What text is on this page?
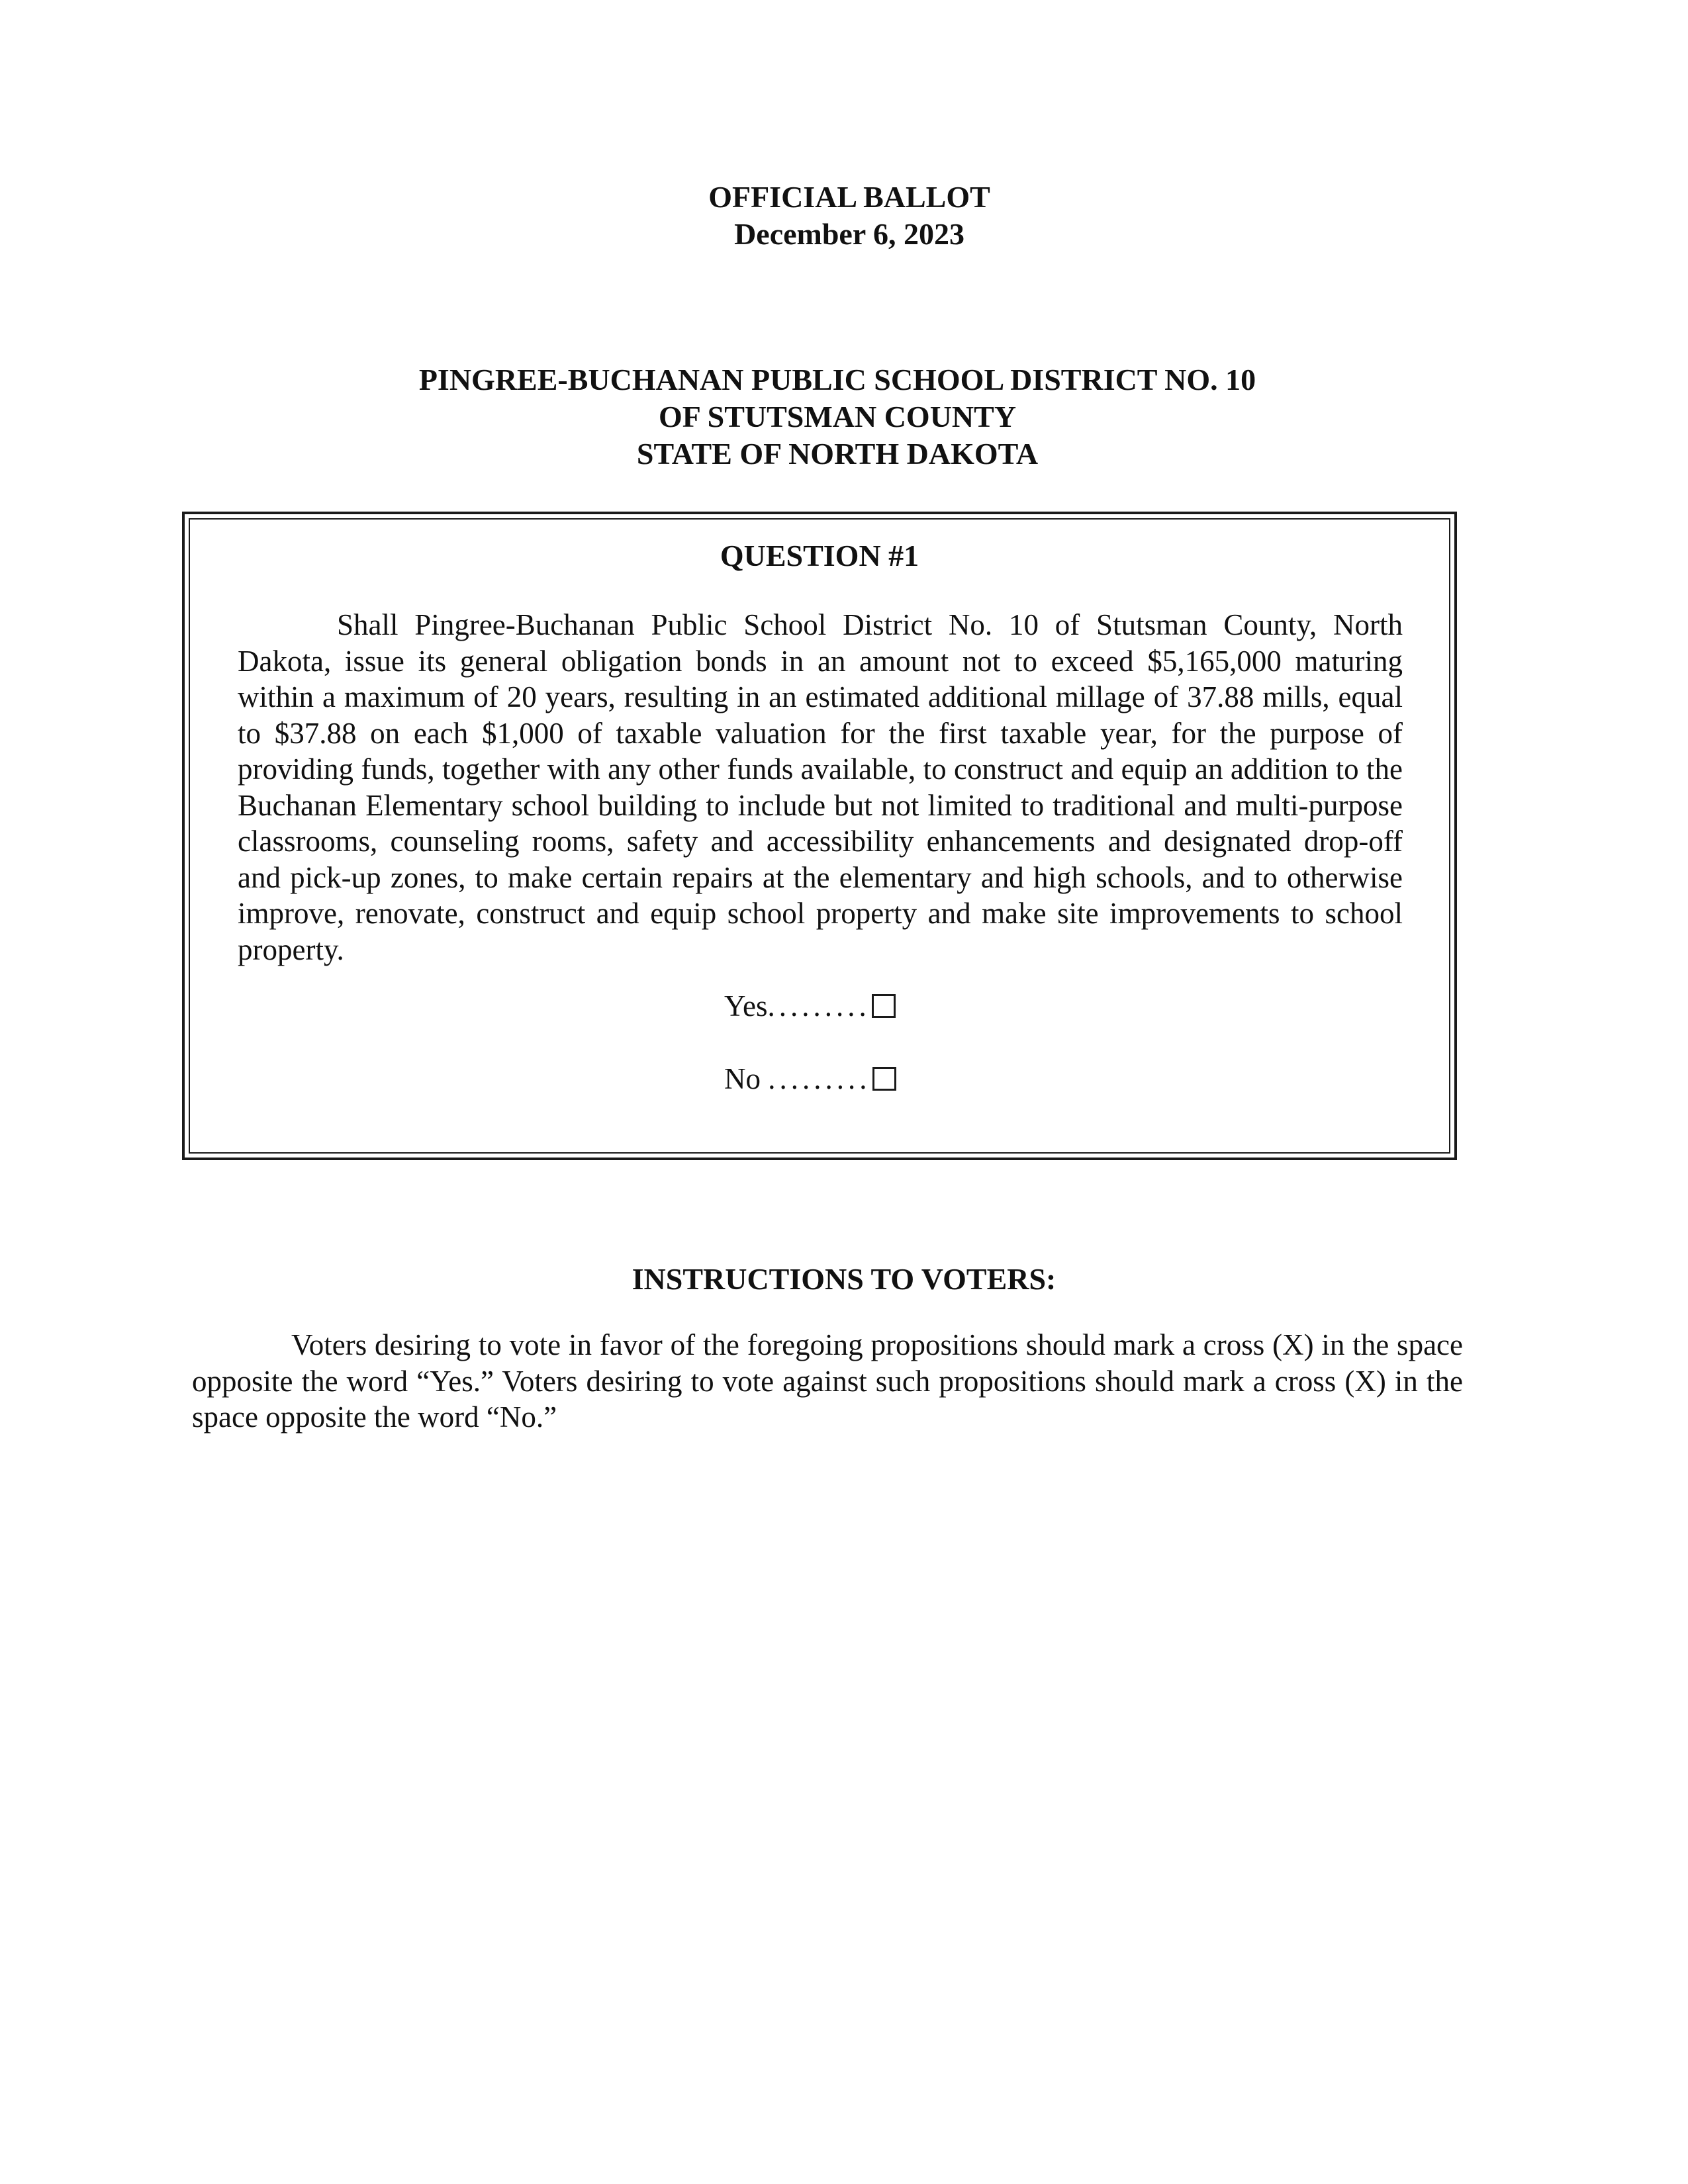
OFFICIAL BALLOT
December 6, 2023
PINGREE-BUCHANAN PUBLIC SCHOOL DISTRICT NO. 10
OF STUTSMAN COUNTY
STATE OF NORTH DAKOTA
QUESTION #1

Shall Pingree-Buchanan Public School District No. 10 of Stutsman County, North Dakota, issue its general obligation bonds in an amount not to exceed $5,165,000 maturing within a maximum of 20 years, resulting in an estimated additional millage of 37.88 mills, equal to $37.88 on each $1,000 of taxable valuation for the first taxable year, for the purpose of providing funds, together with any other funds available, to construct and equip an addition to the Buchanan Elementary school building to include but not limited to traditional and multi-purpose classrooms, counseling rooms, safety and accessibility enhancements and designated drop-off and pick-up zones, to make certain repairs at the elementary and high schools, and to otherwise improve, renovate, construct and equip school property and make site improvements to school property.

Yes .........
No .........
INSTRUCTIONS TO VOTERS:

Voters desiring to vote in favor of the foregoing propositions should mark a cross (X) in the space opposite the word “Yes.” Voters desiring to vote against such propositions should mark a cross (X) in the space opposite the word “No.”
